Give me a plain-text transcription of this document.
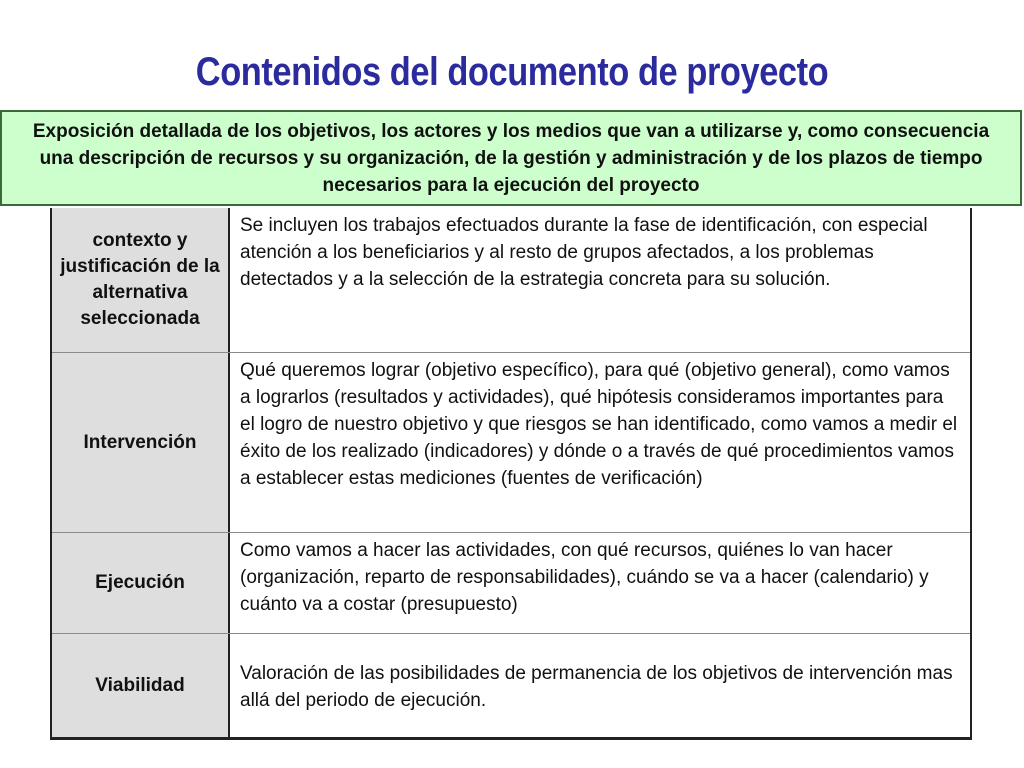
Contenidos del documento de proyecto
contexto y justificación de la alternativa seleccionada
Se incluyen los trabajos efectuados durante la fase de identificación, con especial atención a los beneficiarios y al resto de grupos afectados, a los problemas detectados y a la selección de la estrategia concreta para su solución.
Intervención
Qué queremos lograr (objetivo específico), para qué (objetivo general), como vamos a lograrlos (resultados y actividades), qué hipótesis consideramos importantes para el logro de nuestro objetivo y que riesgos se han identificado, como vamos a medir el éxito de los realizado (indicadores) y dónde o a través de qué procedimientos vamos a establecer estas mediciones (fuentes de verificación)
Ejecución
Como vamos a hacer las actividades, con qué recursos, quiénes lo van hacer (organización, reparto de responsabilidades), cuándo se va a hacer (calendario) y cuánto va a costar (presupuesto)
Viabilidad
Valoración de las posibilidades de permanencia de los objetivos de intervención mas allá del periodo de ejecución.
Exposición detallada de los objetivos, los actores y los medios que van a utilizarse y, como consecuencia una descripción de recursos y su organización, de la gestión y administración y de los plazos de tiempo necesarios para la ejecución del proyecto
